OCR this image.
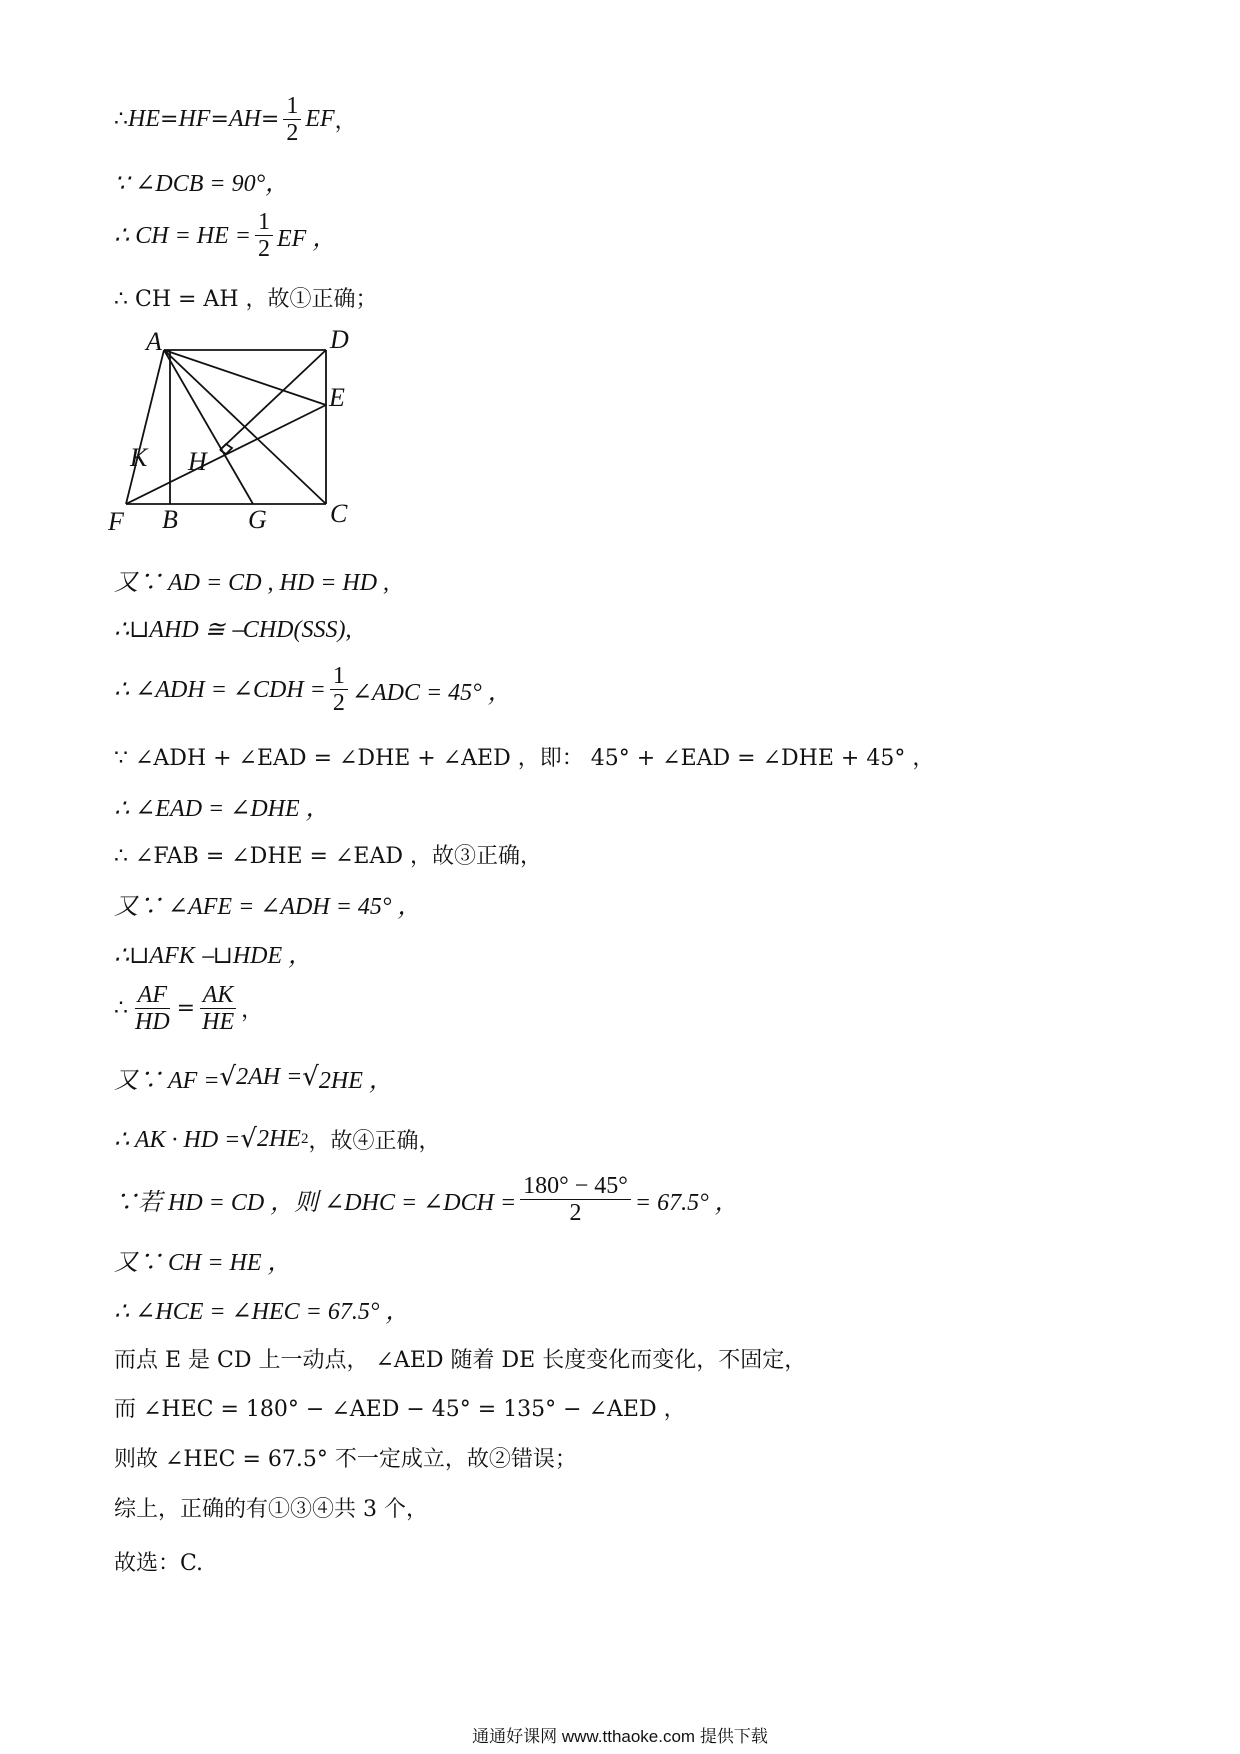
∴ HE = HF = AH = $\frac{1}{2}$ EF ，
∵ ∠DCB = 90°，
∴ CH = HE = $\frac{1}{2}$ EF ，
∴ CH = AH ，故①正确；
A	D
E
K H
F B	G C
又∵ AD = CD , HD = HD ,
∴⊔AHD ≅ ⎯CHD(SSS),
∴ ∠ADH = ∠CDH = $\frac{1}{2}$ ∠ADC = 45° ，
∵ ∠ADH + ∠EAD = ∠DHE + ∠AED ，即： 45° + ∠EAD = ∠DHE + 45° ，
∴ ∠EAD = ∠DHE ，
∴ ∠FAB = ∠DHE = ∠EAD ，故③正确，
又∵ ∠AFE = ∠ADH = 45° ，
∴⊔AFK ⎯⊔HDE ，
∴ $\frac{AF}{HD} = \frac{AK}{HE}$ ，
又∵ AF = √ 2AH = √ 2HE ，
∴ AK · HD = √ 2HE 2 ，故④正确，
∵若 HD = CD ，则 ∠DHC = ∠DCH = $\frac{180^\circ - 45^\circ}{2} = 67.5^\circ$ ，
又∵ CH = HE ，
∴ ∠HCE = ∠HEC = 67.5° ，
而点 E 是 CD 上一动点， ∠AED 随着 DE 长度变化而变化，不固定，
而 ∠HEC = 180° − ∠AED − 45° = 135° − ∠AED ，
则故 ∠HEC = 67.5° 不一定成立，故②错误；
综上，正确的有①③④共 3 个，
故选：C.
通通好课网 www.tthaoke.com 提供下载
